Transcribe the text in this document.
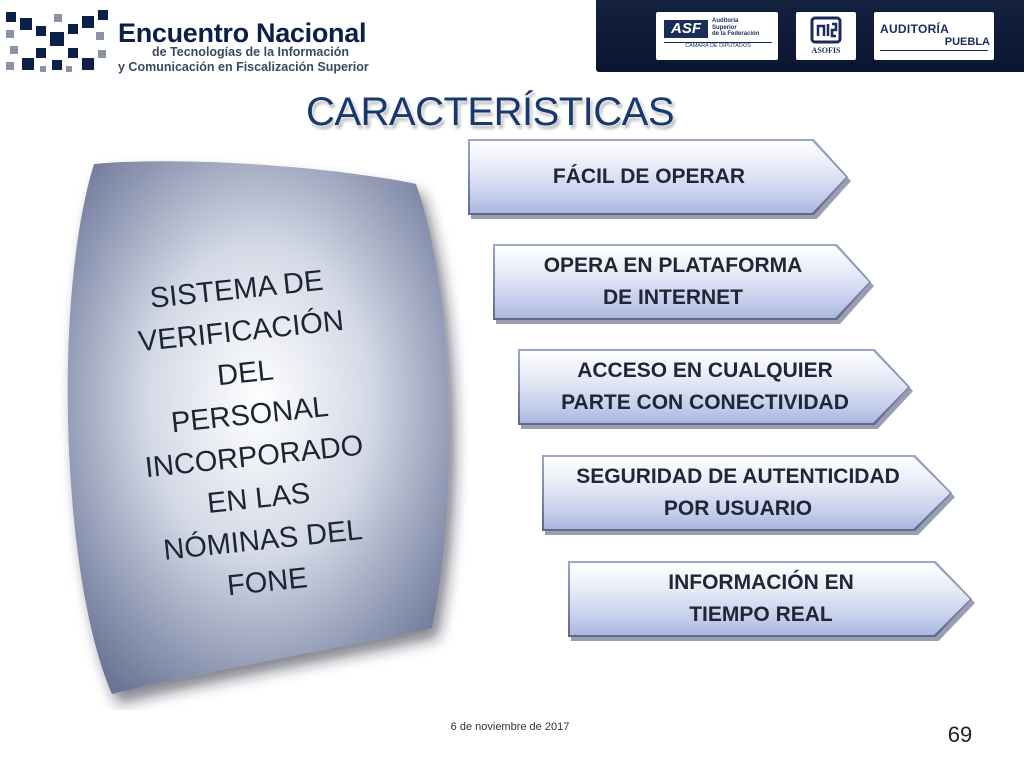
Encuentro Nacional
de Tecnologías de la Información
y Comunicación en Fiscalización Superior
ASF	Auditoría
Superior
de la Federación
CÁMARA DE DIPUTADOS	ASOFIS
AUDITORÍA
PUEBLA
CARACTERÍSTICAS
SISTEMA DE
VERIFICACIÓN
DEL PERSONAL
INCORPORADO
EN LAS
NÓMINAS DEL
FONE
FÁCIL DE OPERAR
OPERA EN PLATAFORMA
DE INTERNET
ACCESO EN CUALQUIER
PARTE CON CONECTIVIDAD
SEGURIDAD DE AUTENTICIDAD
POR USUARIO
INFORMACIÓN EN
TIEMPO REAL
6 de noviembre de 2017	69
